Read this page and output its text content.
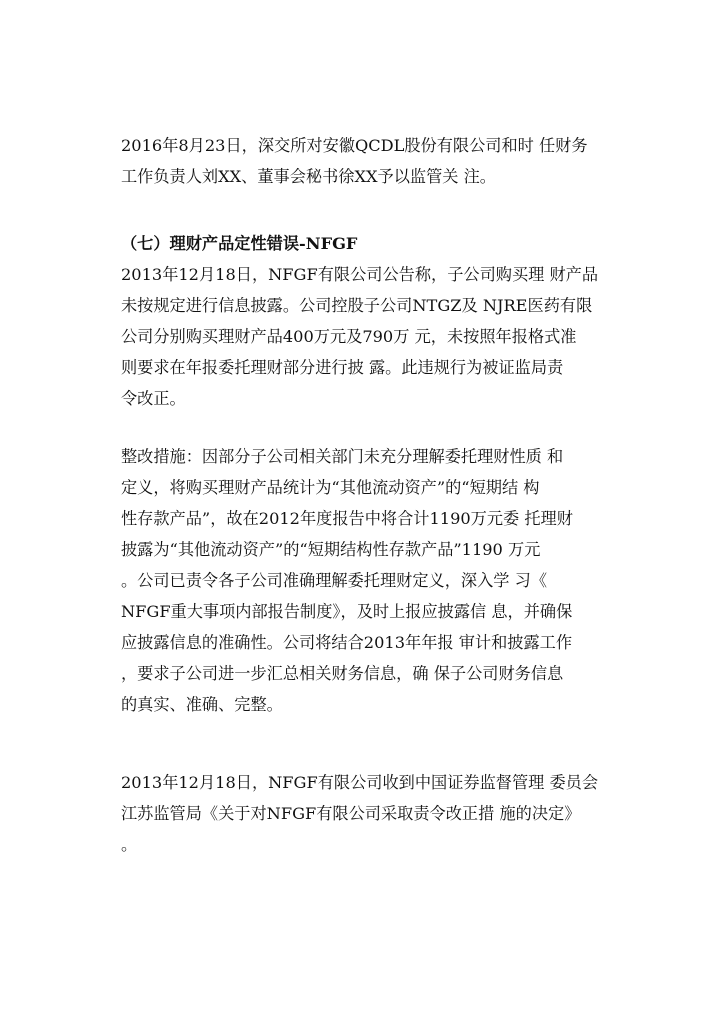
2016年8月23日，深交所对安徽QCDL股份有限公司和时 任财务
工作负责人刘XX、董事会秘书徐XX予以监管关 注。
（七）理财产品定性错误-NFGF
2013年12月18日，NFGF有限公司公告称，子公司购买理 财产品
未按规定进行信息披露。公司控股子公司NTGZ及 NJRE医药有限
公司分别购买理财产品400万元及790万 元，未按照年报格式准
则要求在年报委托理财部分进行披 露。此违规行为被证监局责
令改正。
整改措施：因部分子公司相关部门未充分理解委托理财性质 和
定义，将购买理财产品统计为“其他流动资产”的“短期结 构
性存款产品”，故在2012年度报告中将合计1190万元委 托理财
披露为“其他流动资产”的“短期结构性存款产品”1190 万元
。公司已责令各子公司准确理解委托理财定义，深入学 习《
NFGF重大事项内部报告制度》，及时上报应披露信 息，并确保
应披露信息的准确性。公司将结合2013年年报 审计和披露工作
，要求子公司进一步汇总相关财务信息，确 保子公司财务信息
的真实、准确、完整。
2013年12月18日，NFGF有限公司收到中国证券监督管理 委员会
江苏监管局《关于对NFGF有限公司采取责令改正措 施的决定》
。
